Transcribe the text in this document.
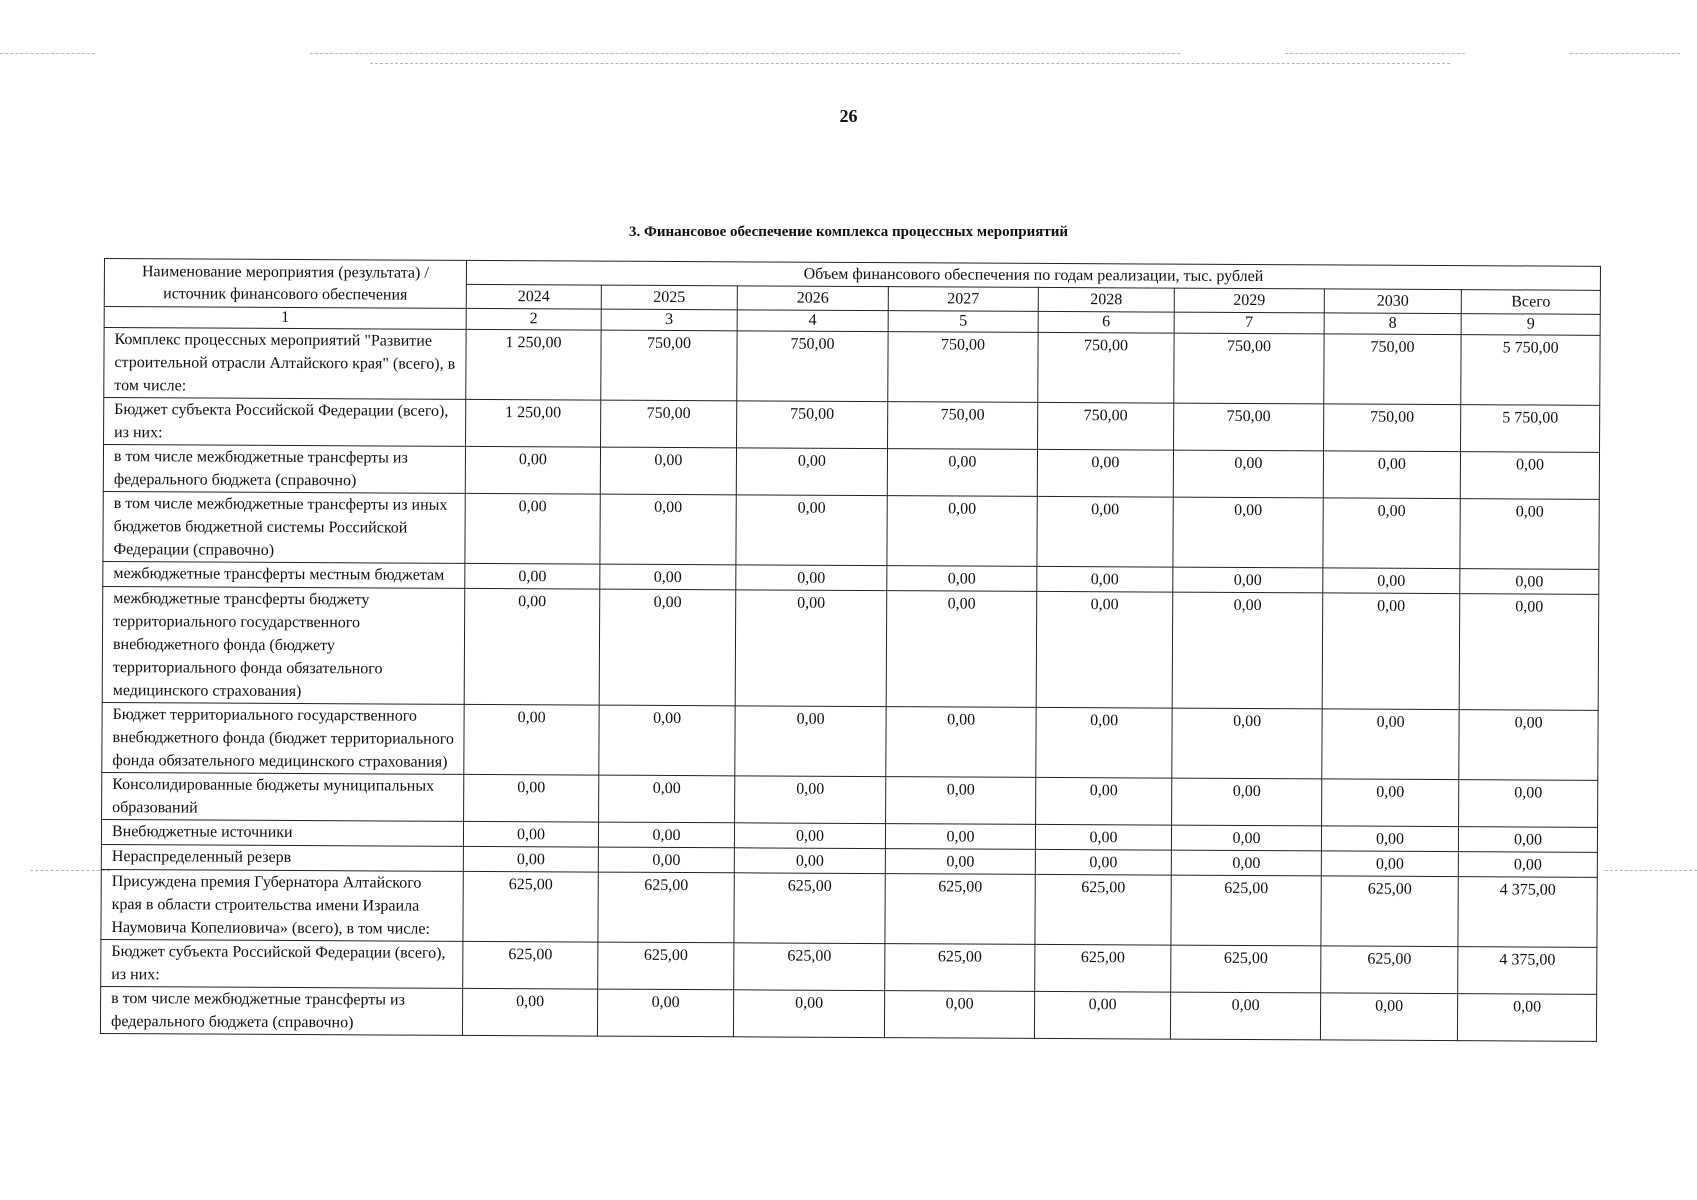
26
3. Финансовое обеспечение комплекса процессных мероприятий
Наименование мероприятия (результата) / источник финансового обеспечения	Объем финансового обеспечения по годам реализации, тыс. рублей							
	2024	2025	2026	2027	2028	2029	2030	Всего
1	2	3	4	5	6	7	8	9
Комплекс процессных мероприятий "Развитие строительной отрасли Алтайского края" (всего), в том числе:	1 250,00	750,00	750,00	750,00	750,00	750,00	750,00	5 750,00
Бюджет субъекта Российской Федерации (всего), из них:	1 250,00	750,00	750,00	750,00	750,00	750,00	750,00	5 750,00
в том числе межбюджетные трансферты из федерального бюджета (справочно)	0,00	0,00	0,00	0,00	0,00	0,00	0,00	0,00
в том числе межбюджетные трансферты из иных бюджетов бюджетной системы Российской Федерации (справочно)	0,00	0,00	0,00	0,00	0,00	0,00	0,00	0,00
межбюджетные трансферты местным бюджетам	0,00	0,00	0,00	0,00	0,00	0,00	0,00	0,00
межбюджетные трансферты бюджету территориального государственного внебюджетного фонда (бюджету территориального фонда обязательного медицинского страхования)	0,00	0,00	0,00	0,00	0,00	0,00	0,00	0,00
Бюджет территориального государственного внебюджетного фонда (бюджет территориального фонда обязательного медицинского страхования)	0,00	0,00	0,00	0,00	0,00	0,00	0,00	0,00
Консолидированные бюджеты муниципальных образований	0,00	0,00	0,00	0,00	0,00	0,00	0,00	0,00
Внебюджетные источники	0,00	0,00	0,00	0,00	0,00	0,00	0,00	0,00
Нераспределенный резерв	0,00	0,00	0,00	0,00	0,00	0,00	0,00	0,00
Присуждена премия Губернатора Алтайского края в области строительства имени Израила Наумовича Копелиовича» (всего), в том числе:	625,00	625,00	625,00	625,00	625,00	625,00	625,00	4 375,00
Бюджет субъекта Российской Федерации (всего), из них:	625,00	625,00	625,00	625,00	625,00	625,00	625,00	4 375,00
в том числе межбюджетные трансферты из федерального бюджета (справочно)	0,00	0,00	0,00	0,00	0,00	0,00	0,00	0,00
